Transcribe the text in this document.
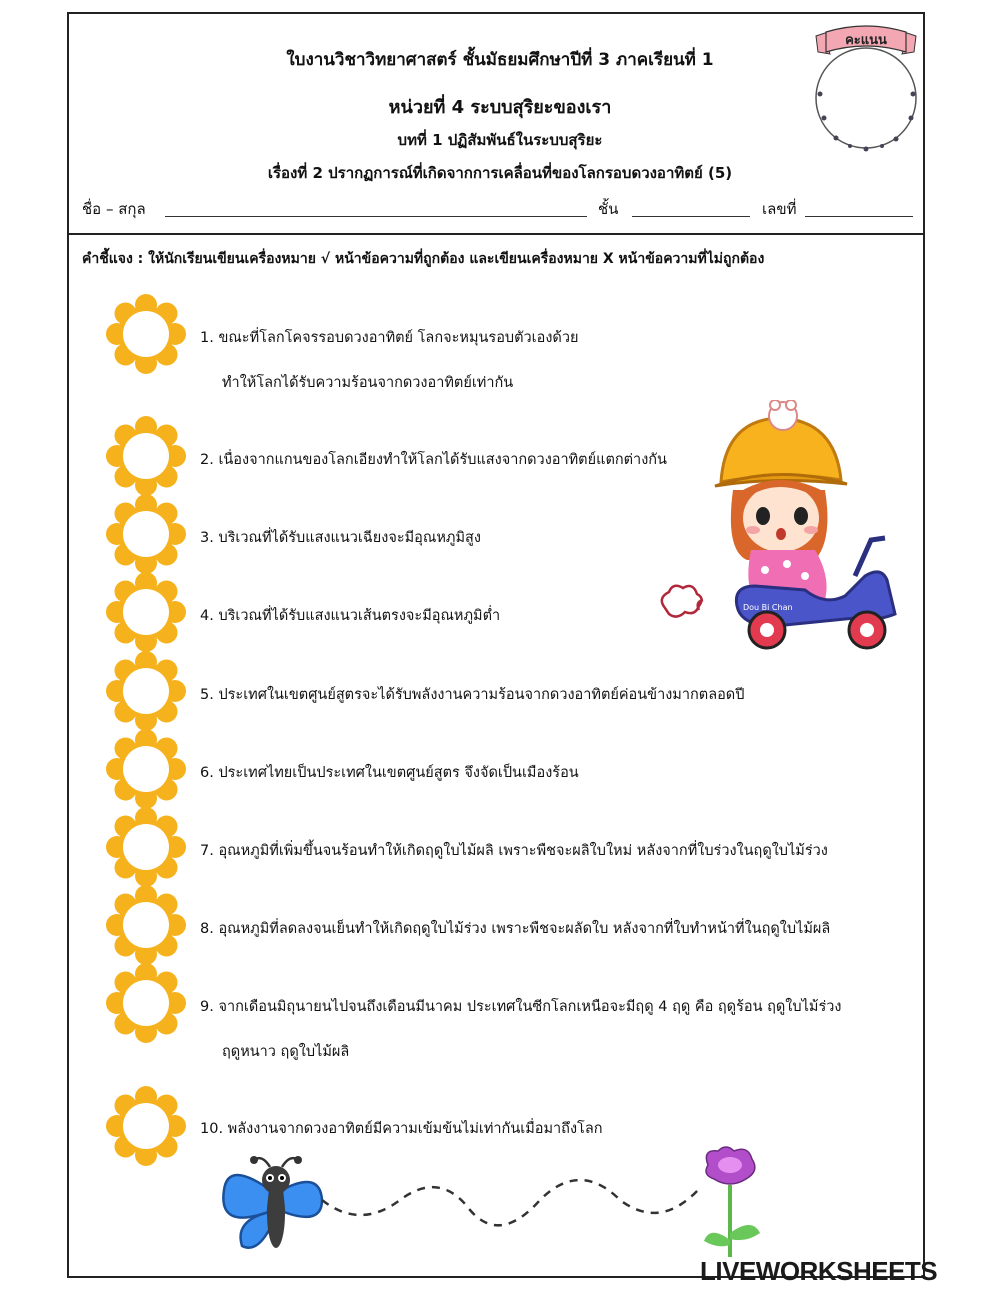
ใบงานวิชาวิทยาศาสตร์ ชั้นมัธยมศึกษาปีที่ 3 ภาคเรียนที่ 1
หน่วยที่ 4 ระบบสุริยะของเรา
บทที่ 1 ปฏิสัมพันธ์ในระบบสุริยะ
เรื่องที่ 2 ปรากฏการณ์ที่เกิดจากการเคลื่อนที่ของโลกรอบดวงอาทิตย์ (5)
คะแนน
ชื่อ – สกุล	ชั้น	เลขที่
คำชี้แจง : ให้นักเรียนเขียนเครื่องหมาย √ หน้าข้อความที่ถูกต้อง และเขียนเครื่องหมาย X หน้าข้อความที่ไม่ถูกต้อง
1. ขณะที่โลกโคจรรอบดวงอาทิตย์ โลกจะหมุนรอบตัวเองด้วย
ทำให้โลกได้รับความร้อนจากดวงอาทิตย์เท่ากัน
2. เนื่องจากแกนของโลกเอียงทำให้โลกได้รับแสงจากดวงอาทิตย์แตกต่างกัน
3. บริเวณที่ได้รับแสงแนวเฉียงจะมีอุณหภูมิสูง
4. บริเวณที่ได้รับแสงแนวเส้นตรงจะมีอุณหภูมิต่ำ
5. ประเทศในเขตศูนย์สูตรจะได้รับพลังงานความร้อนจากดวงอาทิตย์ค่อนข้างมากตลอดปี
6. ประเทศไทยเป็นประเทศในเขตศูนย์สูตร จึงจัดเป็นเมืองร้อน
7. อุณหภูมิที่เพิ่มขึ้นจนร้อนทำให้เกิดฤดูใบไม้ผลิ เพราะพืชจะผลิใบใหม่ หลังจากที่ใบร่วงในฤดูใบไม้ร่วง
8. อุณหภูมิที่ลดลงจนเย็นทำให้เกิดฤดูใบไม้ร่วง เพราะพืชจะผลัดใบ หลังจากที่ใบทำหน้าที่ในฤดูใบไม้ผลิ
9. จากเดือนมิถุนายนไปจนถึงเดือนมีนาคม ประเทศในซีกโลกเหนือจะมีฤดู 4 ฤดู คือ ฤดูร้อน ฤดูใบไม้ร่วง
ฤดูหนาว ฤดูใบไม้ผลิ
10. พลังงานจากดวงอาทิตย์มีความเข้มข้นไม่เท่ากันเมื่อมาถึงโลก
Dou Bi Chan
LIVEWORKSHEETS
